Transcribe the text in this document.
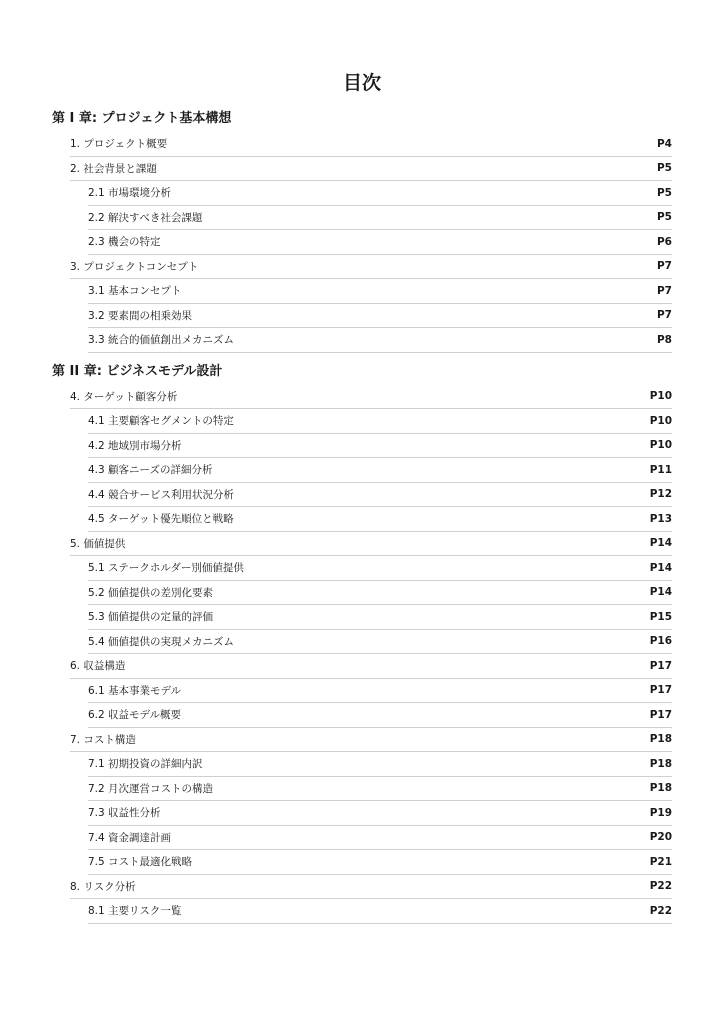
目次
第 I 章: プロジェクト基本構想
1. プロジェクト概要	P4
2. 社会背景と課題	P5
2.1 市場環境分析	P5
2.2 解決すべき社会課題	P5
2.3 機会の特定	P6
3. プロジェクトコンセプト	P7
3.1 基本コンセプト	P7
3.2 要素間の相乗効果	P7
3.3 統合的価値創出メカニズム	P8
第 II 章: ビジネスモデル設計
4. ターゲット顧客分析	P10
4.1 主要顧客セグメントの特定	P10
4.2 地域別市場分析	P10
4.3 顧客ニーズの詳細分析	P11
4.4 競合サービス利用状況分析	P12
4.5 ターゲット優先順位と戦略	P13
5. 価値提供	P14
5.1 ステークホルダー別価値提供	P14
5.2 価値提供の差別化要素	P14
5.3 価値提供の定量的評価	P15
5.4 価値提供の実現メカニズム	P16
6. 収益構造	P17
6.1 基本事業モデル	P17
6.2 収益モデル概要	P17
7. コスト構造	P18
7.1 初期投資の詳細内訳	P18
7.2 月次運営コストの構造	P18
7.3 収益性分析	P19
7.4 資金調達計画	P20
7.5 コスト最適化戦略	P21
8. リスク分析	P22
8.1 主要リスク一覧	P22
